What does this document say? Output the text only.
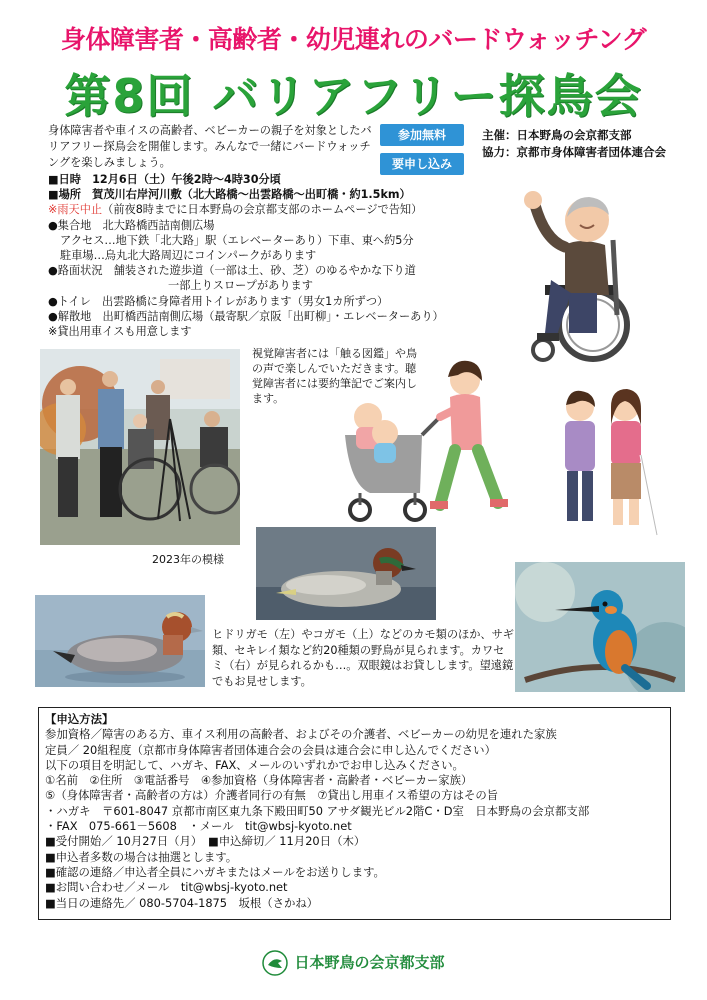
身体障害者・高齢者・幼児連れのバードウォッチング
第8回 バリアフリー探鳥会
身体障害者や車イスの高齢者、ベビーカーの親子を対象としたバリアフリー探鳥会を開催します。みんなで一緒にバードウォッチングを楽しみましょう。
参加無料
要申し込み
主催：日本野鳥の会京都支部
協力：京都市身体障害者団体連合会
■日時　12月6日（土）午後2時〜4時30分頃
■場所　賀茂川右岸河川敷（北大路橋〜出雲路橋〜出町橋・約1.5km）
※雨天中止（前夜8時までに日本野鳥の会京都支部のホームページで告知）
●集合地　北大路橋西詰南側広場
アクセス…地下鉄「北大路」駅（エレベーターあり）下車、東へ約5分
駐車場…烏丸北大路周辺にコインパークがあります
●路面状況　舗装された遊歩道（一部は土、砂、芝）のゆるやかな下り道
一部上りスロープがあります
●トイレ　出雲路橋に身障者用トイレがあります（男女1カ所ずつ）
●解散地　出町橋西詰南側広場（最寄駅／京阪「出町柳」・エレベーターあり）
※貸出用車イスも用意します
2023年の模様
視覚障害者には「触る図鑑」や鳥の声で楽しんでいただきます。聴覚障害者には要約筆記でご案内します。
ヒドリガモ（左）やコガモ（上）などのカモ類のほか、サギ類、セキレイ類など約20種類の野鳥が見られます。カワセミ（右）が見られるかも…。双眼鏡はお貸しします。望遠鏡でもお見せします。
【申込方法】
参加資格／障害のある方、車イス利用の高齢者、およびその介護者、ベビーカーの幼児を連れた家族
定員／ 20組程度（京都市身体障害者団体連合会の会員は連合会に申し込んでください）
以下の項目を明記して、ハガキ、FAX、メールのいずれかでお申し込みください。
①名前　②住所　③電話番号　④参加資格（身体障害者・高齢者・ベビーカー家族）
⑤（身体障害者・高齢者の方は）介護者同行の有無　⑦貸出し用車イス希望の方はその旨
・ハガキ　〒601-8047 京都市南区東九条下殿田町50 アサダ観光ビル2階C・D室　日本野鳥の会京都支部
・FAX　075-661－5608　・メール　tit@wbsj-kyoto.net
■受付開始／ 10月27日（月）　■申込締切／ 11月20日（木）
■申込者多数の場合は抽選とします。
■確認の連絡／申込者全員にハガキまたはメールをお送りします。
■お問い合わせ／メール　tit@wbsj-kyoto.net
■当日の連絡先／ 080-5704-1875　坂根（さかね）
日本野鳥の会京都支部
